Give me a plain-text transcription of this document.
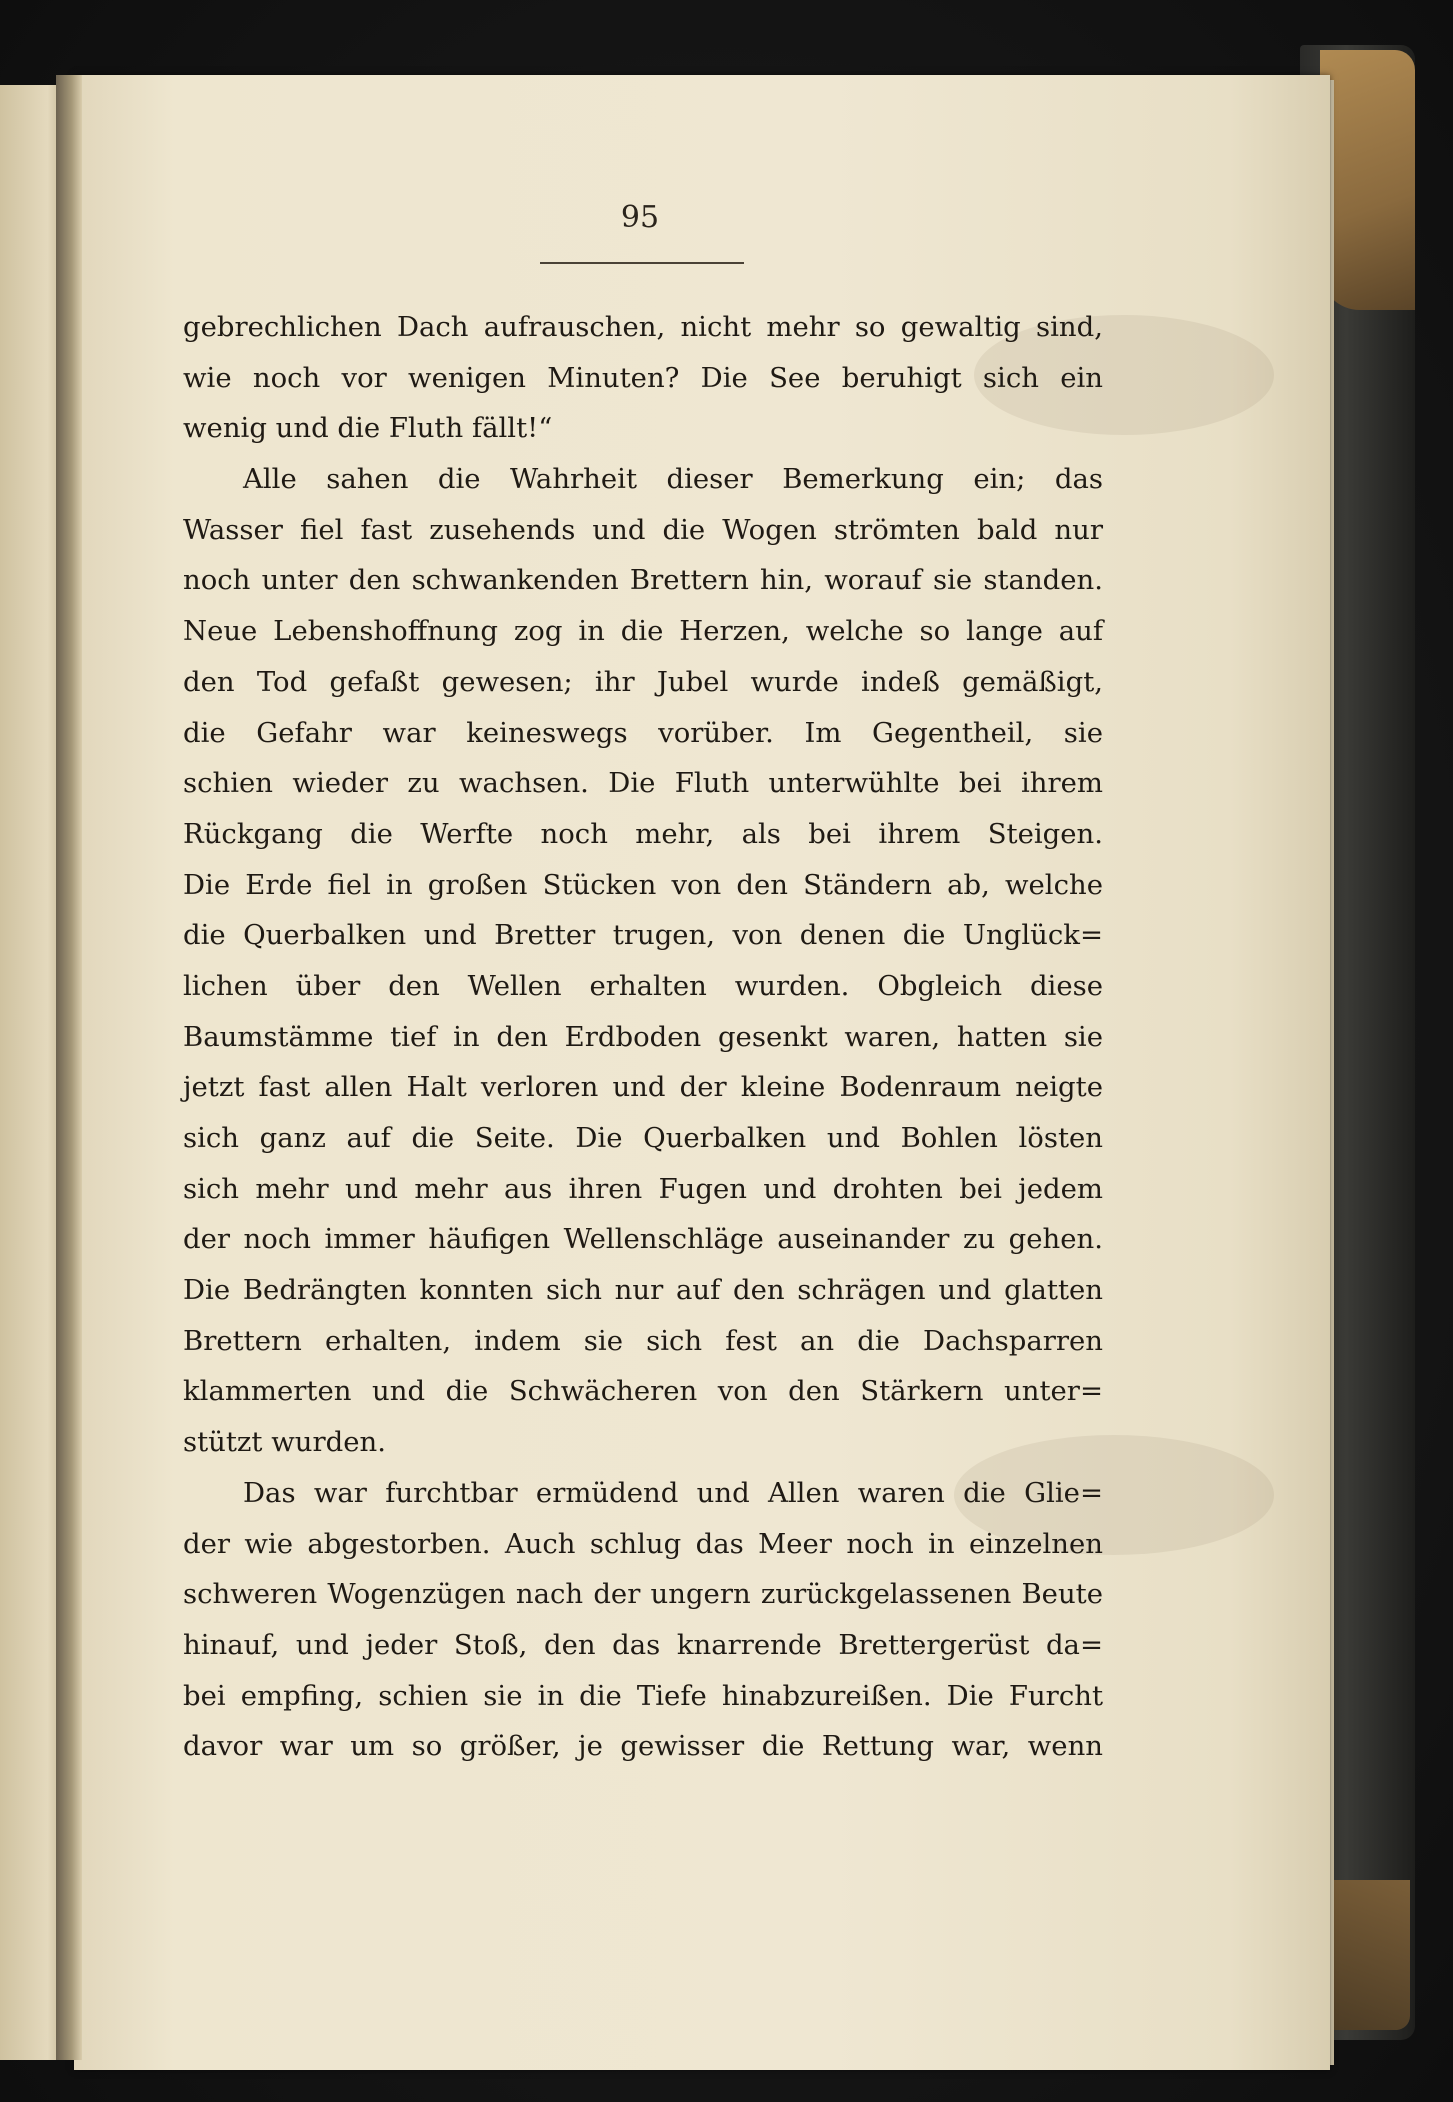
95
gebrechlichen Dach aufrauschen, nicht mehr so gewaltig sind,
wie noch vor wenigen Minuten? Die See beruhigt sich ein
wenig und die Fluth fällt!“
Alle sahen die Wahrheit dieser Bemerkung ein; das
Wasser fiel fast zusehends und die Wogen strömten bald nur
noch unter den schwankenden Brettern hin, worauf sie standen.
Neue Lebenshoffnung zog in die Herzen, welche so lange auf
den Tod gefaßt gewesen; ihr Jubel wurde indeß gemäßigt,
die Gefahr war keineswegs vorüber. Im Gegentheil, sie
schien wieder zu wachsen. Die Fluth unterwühlte bei ihrem
Rückgang die Werfte noch mehr, als bei ihrem Steigen.
Die Erde fiel in großen Stücken von den Ständern ab, welche
die Querbalken und Bretter trugen, von denen die Unglück=
lichen über den Wellen erhalten wurden. Obgleich diese
Baumstämme tief in den Erdboden gesenkt waren, hatten sie
jetzt fast allen Halt verloren und der kleine Bodenraum neigte
sich ganz auf die Seite. Die Querbalken und Bohlen lösten
sich mehr und mehr aus ihren Fugen und drohten bei jedem
der noch immer häufigen Wellenschläge auseinander zu gehen.
Die Bedrängten konnten sich nur auf den schrägen und glatten
Brettern erhalten, indem sie sich fest an die Dachsparren
klammerten und die Schwächeren von den Stärkern unter=
stützt wurden.
Das war furchtbar ermüdend und Allen waren die Glie=
der wie abgestorben. Auch schlug das Meer noch in einzelnen
schweren Wogenzügen nach der ungern zurückgelassenen Beute
hinauf, und jeder Stoß, den das knarrende Brettergerüst da=
bei empfing, schien sie in die Tiefe hinabzureißen. Die Furcht
davor war um so größer, je gewisser die Rettung war, wenn
